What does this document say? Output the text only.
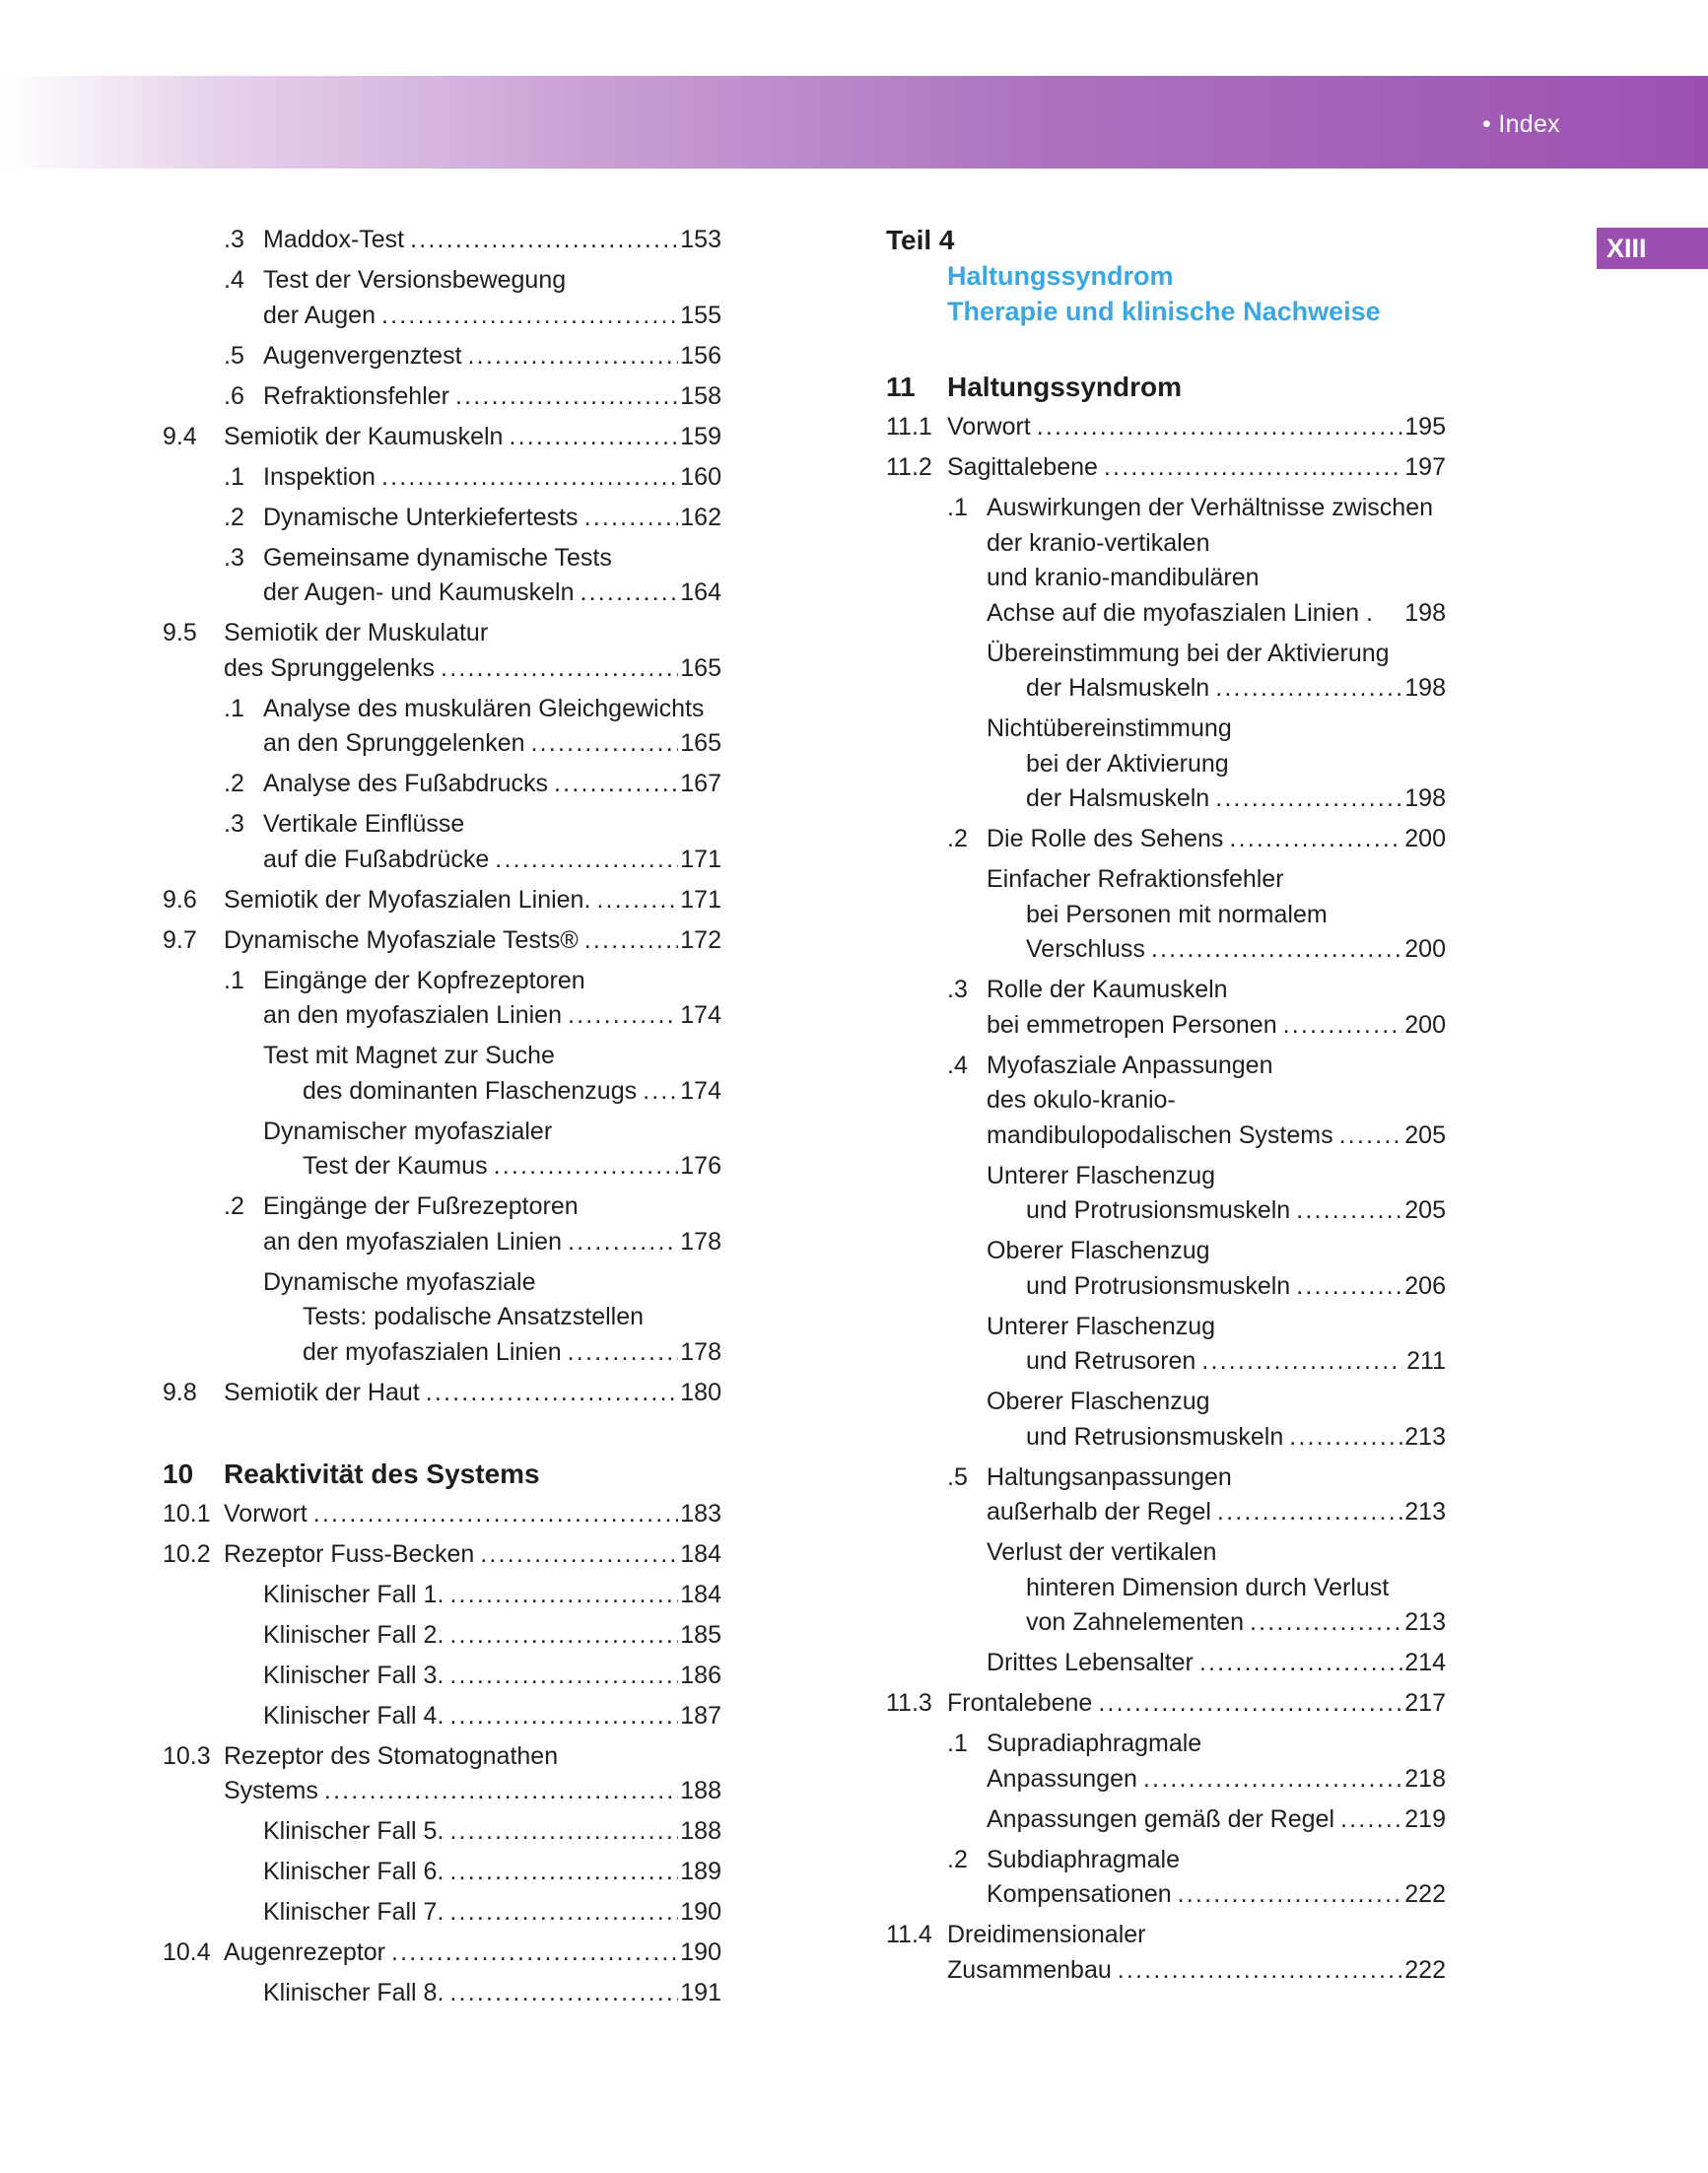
• Index
XIII
.3 Maddox-Test .....	153
.4 Test der Versionsbewegung
der Augen .....	155
.5 Augenvergenztest .....	156
.6 Refraktionsfehler .....	158
9.4	Semiotik der Kaumuskeln .....	159
.1 Inspektion .....	160
.2 Dynamische Unterkiefertests .....	162
.3 Gemeinsame dynamische Tests
der Augen- und Kaumuskeln .....	164
9.5	Semiotik der Muskulatur
des Sprunggelenks .....	165
.1 Analyse des muskulären Gleichgewichts
an den Sprunggelenken .....	165
.2 Analyse des Fußabdrucks .....	167
.3 Vertikale Einflüsse
auf die Fußabdrücke .....	171
9.6	Semiotik der Myofaszialen Linien. .....	171
9.7	Dynamische Myofasziale Tests® .....	172
.1 Eingänge der Kopfrezeptoren
an den myofaszialen Linien .....	174
Test mit Magnet zur Suche
des dominanten Flaschenzugs ..... 174
Dynamischer myofaszialer
Test der Kaumus .....	176
.2 Eingänge der Fußrezeptoren
an den myofaszialen Linien .....	178
Dynamische myofasziale
Tests: podalische Ansatzstellen
der myofaszialen Linien .....	178
9.8	Semiotik der Haut .....	180
10	Reaktivität des Systems
10.1 Vorwort .....	183
10.2 Rezeptor Fuss-Becken .....	184
Klinischer Fall 1. .....	184
Klinischer Fall 2. .....	185
Klinischer Fall 3. .....	186
Klinischer Fall 4. .....	187
10.3 Rezeptor des Stomatognathen
Systems .....	188
Klinischer Fall 5. .....	188
Klinischer Fall 6. .....	189
Klinischer Fall 7. .....	190
10.4 Augenrezeptor .....	190
Klinischer Fall 8. .....	191
Teil 4
Haltungssyndrom
Therapie und klinische Nachweise
11	Haltungssyndrom
11.1 Vorwort .....	195
11.2 Sagittalebene .....	197
.1 Auswirkungen der Verhältnisse zwischen
der kranio-vertikalen
und kranio-mandibulären
Achse auf die myofaszialen Linien . 198
Übereinstimmung bei der Aktivierung
der Halsmuskeln .....	198
Nichtübereinstimmung
bei der Aktivierung
der Halsmuskeln .....	198
.2 Die Rolle des Sehens .....	200
Einfacher Refraktionsfehler
bei Personen mit normalem
Verschluss .....	200
.3 Rolle der Kaumuskeln
bei emmetropen Personen .....	200
.4 Myofasziale Anpassungen
des okulo-kranio-
mandibulopodalischen Systems .....	205
Unterer Flaschenzug
und Protrusionsmuskeln .....	205
Oberer Flaschenzug
und Protrusionsmuskeln .....	206
Unterer Flaschenzug
und Retrusoren .....	211
Oberer Flaschenzug
und Retrusionsmuskeln .....	213
.5 Haltungsanpassungen
außerhalb der Regel .....	213
Verlust der vertikalen
hinteren Dimension durch Verlust
von Zahnelementen .....	213
Drittes Lebensalter .....	214
11.3 Frontalebene .....	217
.1 Supradiaphragmale
Anpassungen .....	218
Anpassungen gemäß der Regel .....	219
.2 Subdiaphragmale
Kompensationen .....	222
11.4 Dreidimensionaler
Zusammenbau .....	222
